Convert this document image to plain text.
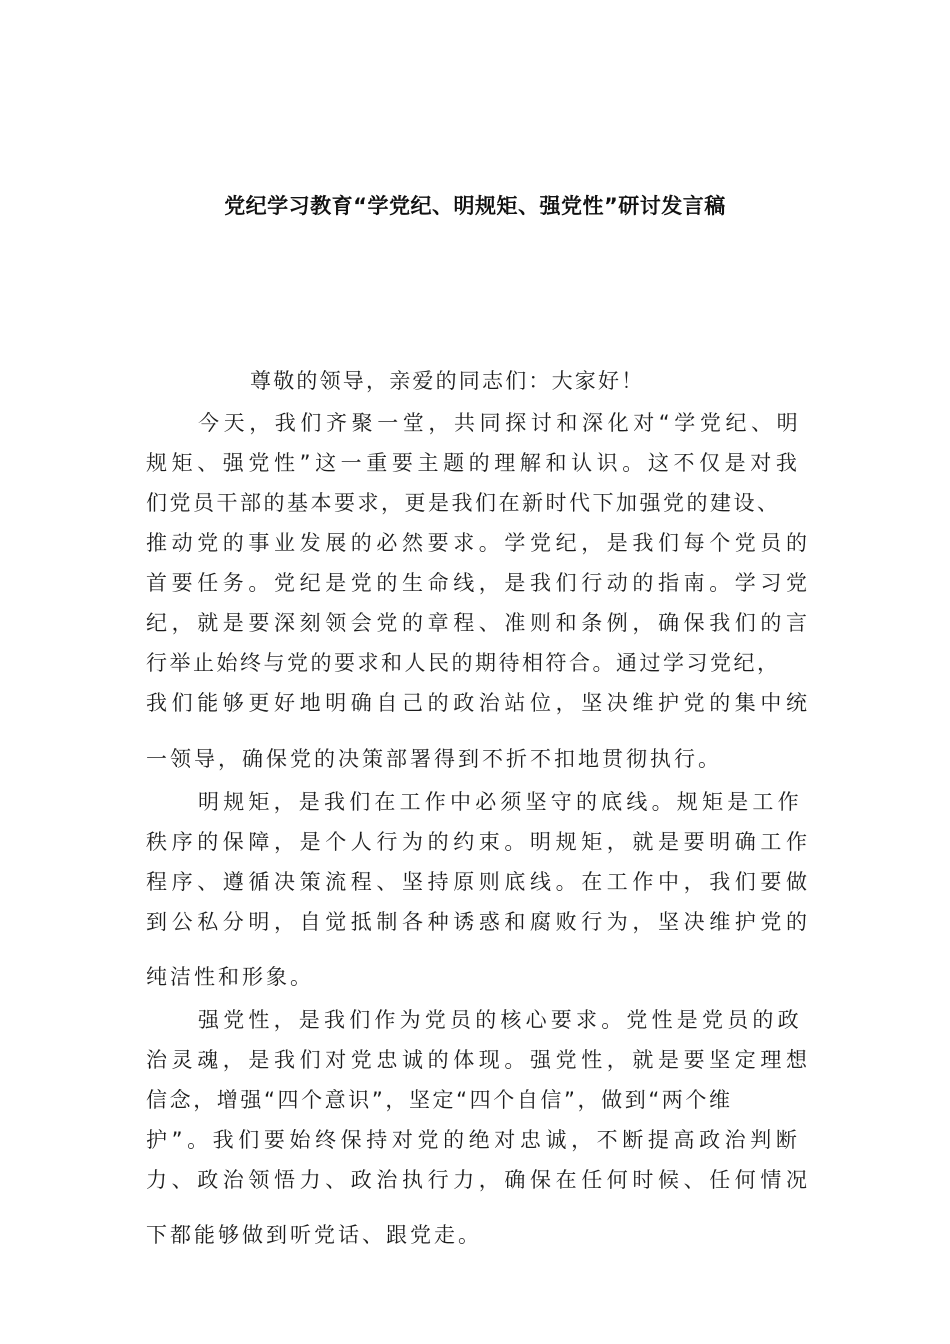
党纪学习教育“学党纪、明规矩、强党性”研讨发言稿
尊敬的领导，亲爱的同志们：大家好！
今天，我们齐聚一堂，共同探讨和深化对“学党纪、明
规矩、强党性”这一重要主题的理解和认识。这不仅是对我
们党员干部的基本要求，更是我们在新时代下加强党的建设、
推动党的事业发展的必然要求。学党纪，是我们每个党员的
首要任务。党纪是党的生命线，是我们行动的指南。学习党
纪，就是要深刻领会党的章程、准则和条例，确保我们的言
行举止始终与党的要求和人民的期待相符合。通过学习党纪，
我们能够更好地明确自己的政治站位，坚决维护党的集中统
一领导，确保党的决策部署得到不折不扣地贯彻执行。
明规矩，是我们在工作中必须坚守的底线。规矩是工作
秩序的保障，是个人行为的约束。明规矩，就是要明确工作
程序、遵循决策流程、坚持原则底线。在工作中，我们要做
到公私分明，自觉抵制各种诱惑和腐败行为，坚决维护党的
纯洁性和形象。
强党性，是我们作为党员的核心要求。党性是党员的政
治灵魂，是我们对党忠诚的体现。强党性，就是要坚定理想
信念，增强“四个意识”，坚定“四个自信”，做到“两个维
护”。我们要始终保持对党的绝对忠诚，不断提高政治判断
力、政治领悟力、政治执行力，确保在任何时候、任何情况
下都能够做到听党话、跟党走。
